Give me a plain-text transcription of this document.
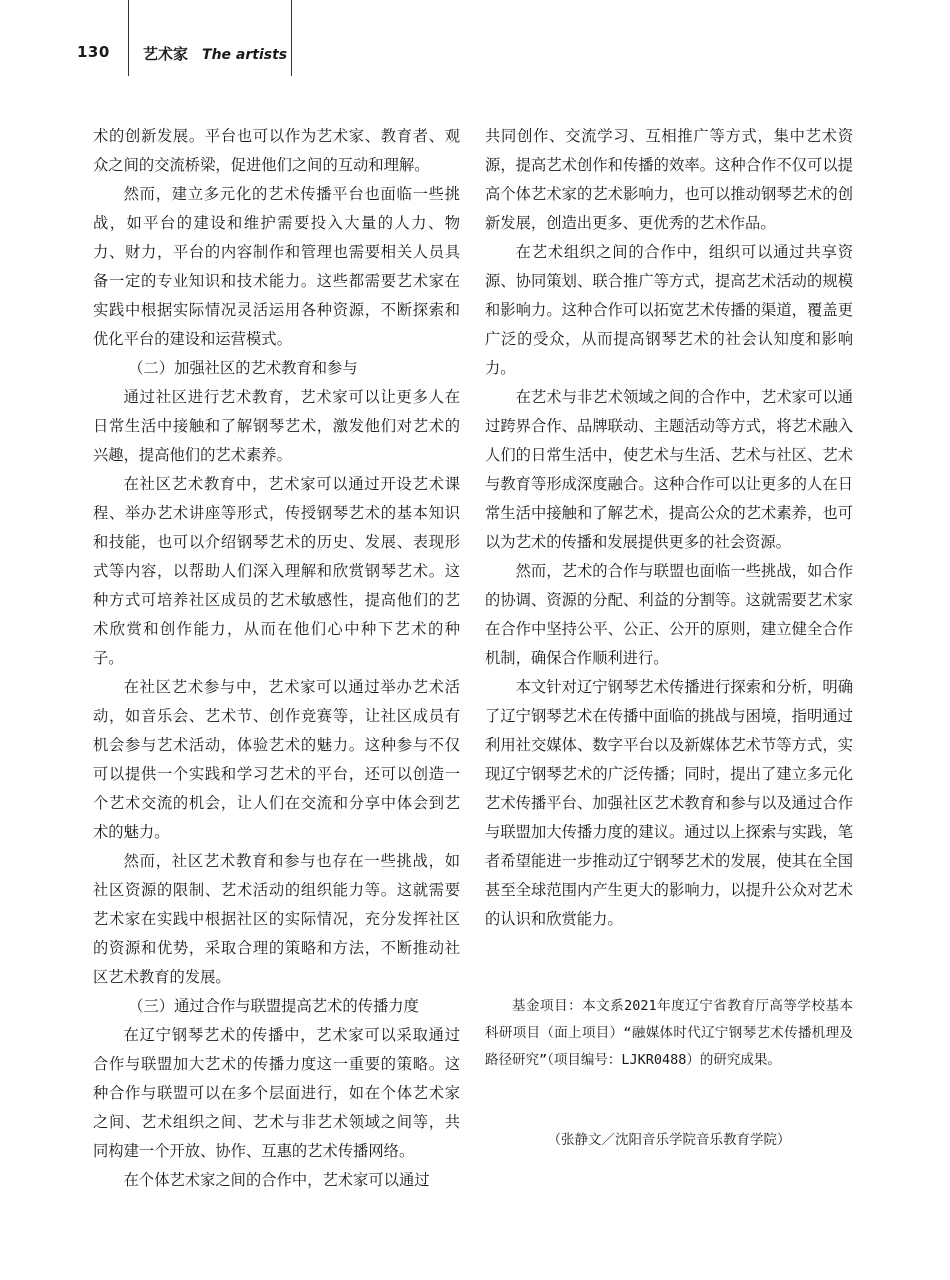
130 艺术家 The artists

术的创新发展。平台也可以作为艺术家、教育者、观众之间的交流桥梁，促进他们之间的互动和理解。

然而，建立多元化的艺术传播平台也面临一些挑战，如平台的建设和维护需要投入大量的人力、物力、财力，平台的内容制作和管理也需要相关人员具备一定的专业知识和技术能力。这些都需要艺术家在实践中根据实际情况灵活运用各种资源，不断探索和优化平台的建设和运营模式。

（二）加强社区的艺术教育和参与

通过社区进行艺术教育，艺术家可以让更多人在日常生活中接触和了解钢琴艺术，激发他们对艺术的兴趣，提高他们的艺术素养。

在社区艺术教育中，艺术家可以通过开设艺术课程、举办艺术讲座等形式，传授钢琴艺术的基本知识和技能，也可以介绍钢琴艺术的历史、发展、表现形式等内容，以帮助人们深入理解和欣赏钢琴艺术。这种方式可培养社区成员的艺术敏感性，提高他们的艺术欣赏和创作能力，从而在他们心中种下艺术的种子。

在社区艺术参与中，艺术家可以通过举办艺术活动，如音乐会、艺术节、创作竞赛等，让社区成员有机会参与艺术活动，体验艺术的魅力。这种参与不仅可以提供一个实践和学习艺术的平台，还可以创造一个艺术交流的机会，让人们在交流和分享中体会到艺术的魅力。

然而，社区艺术教育和参与也存在一些挑战，如社区资源的限制、艺术活动的组织能力等。这就需要艺术家在实践中根据社区的实际情况，充分发挥社区的资源和优势，采取合理的策略和方法，不断推动社区艺术教育的发展。

（三）通过合作与联盟提高艺术的传播力度

在辽宁钢琴艺术的传播中，艺术家可以采取通过合作与联盟加大艺术的传播力度这一重要的策略。这种合作与联盟可以在多个层面进行，如在个体艺术家之间、艺术组织之间、艺术与非艺术领域之间等，共同构建一个开放、协作、互惠的艺术传播网络。

在个体艺术家之间的合作中，艺术家可以通过

共同创作、交流学习、互相推广等方式，集中艺术资源，提高艺术创作和传播的效率。这种合作不仅可以提高个体艺术家的艺术影响力，也可以推动钢琴艺术的创新发展，创造出更多、更优秀的艺术作品。

在艺术组织之间的合作中，组织可以通过共享资源、协同策划、联合推广等方式，提高艺术活动的规模和影响力。这种合作可以拓宽艺术传播的渠道，覆盖更广泛的受众，从而提高钢琴艺术的社会认知度和影响力。

在艺术与非艺术领域之间的合作中，艺术家可以通过跨界合作、品牌联动、主题活动等方式，将艺术融入人们的日常生活中，使艺术与生活、艺术与社区、艺术与教育等形成深度融合。这种合作可以让更多的人在日常生活中接触和了解艺术，提高公众的艺术素养，也可以为艺术的传播和发展提供更多的社会资源。

然而，艺术的合作与联盟也面临一些挑战，如合作的协调、资源的分配、利益的分割等。这就需要艺术家在合作中坚持公平、公正、公开的原则，建立健全合作机制，确保合作顺利进行。

本文针对辽宁钢琴艺术传播进行探索和分析，明确了辽宁钢琴艺术在传播中面临的挑战与困境，指明通过利用社交媒体、数字平台以及新媒体艺术节等方式，实现辽宁钢琴艺术的广泛传播；同时，提出了建立多元化艺术传播平台、加强社区艺术教育和参与以及通过合作与联盟加大传播力度的建议。通过以上探索与实践，笔者希望能进一步推动辽宁钢琴艺术的发展，使其在全国甚至全球范围内产生更大的影响力，以提升公众对艺术的认识和欣赏能力。

基金项目：本文系2021年度辽宁省教育厅高等学校基本科研项目（面上项目）“融媒体时代辽宁钢琴艺术传播机理及路径研究”（项目编号：LJKR0488）的研究成果。
（张静文／沈阳音乐学院音乐教育学院）
